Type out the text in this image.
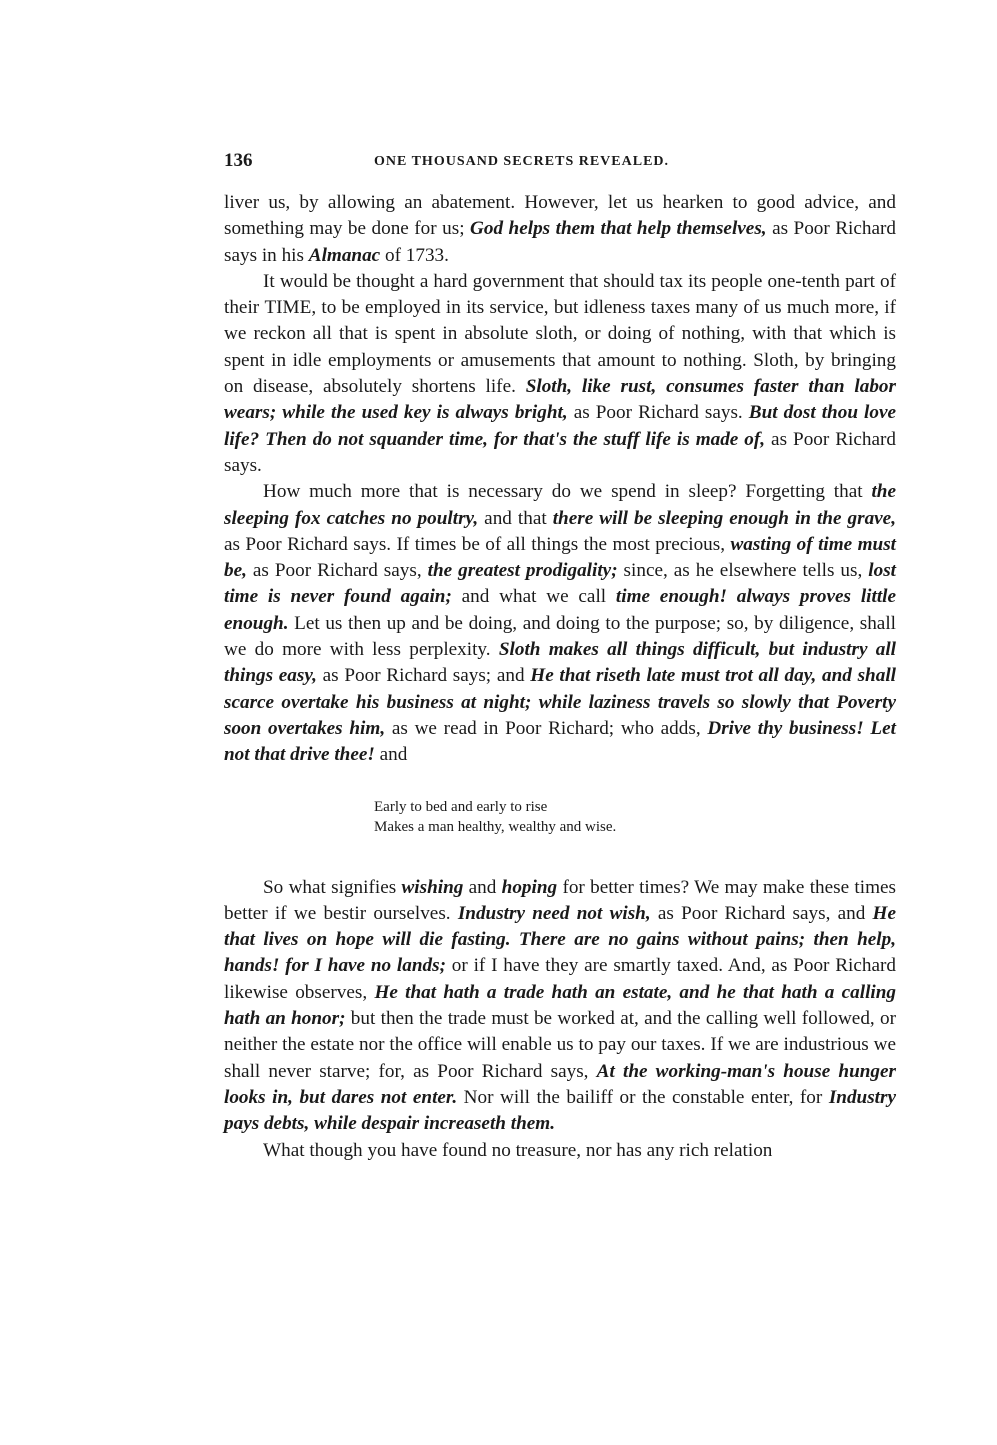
136	ONE THOUSAND SECRETS REVEALED.

liver us, by allowing an abatement. However, let us hearken to good advice, and something may be done for us; God helps them that help themselves, as Poor Richard says in his Almanac of 1733.

It would be thought a hard government that should tax its people one-tenth part of their TIME, to be employed in its service, but idleness taxes many of us much more, if we reckon all that is spent in absolute sloth, or doing of nothing, with that which is spent in idle employments or amusements that amount to nothing. Sloth, by bringing on disease, absolutely shortens life. Sloth, like rust, consumes faster than labor wears; while the used key is always bright, as Poor Richard says. But dost thou love life? Then do not squander time, for that's the stuff life is made of, as Poor Richard says.

How much more that is necessary do we spend in sleep? Forgetting that the sleeping fox catches no poultry, and that there will be sleeping enough in the grave, as Poor Richard says. If times be of all things the most precious, wasting of time must be, as Poor Richard says, the greatest prodigality; since, as he elsewhere tells us, lost time is never found again; and what we call time enough! always proves little enough. Let us then up and be doing, and doing to the purpose; so, by diligence, shall we do more with less perplexity. Sloth makes all things difficult, but industry all things easy, as Poor Richard says; and He that riseth late must trot all day, and shall scarce overtake his business at night; while laziness travels so slowly that Poverty soon overtakes him, as we read in Poor Richard; who adds, Drive thy business! Let not that drive thee! and

Early to bed and early to rise
Makes a man healthy, wealthy and wise.

So what signifies wishing and hoping for better times? We may make these times better if we bestir ourselves. Industry need not wish, as Poor Richard says, and He that lives on hope will die fasting. There are no gains without pains; then help, hands! for I have no lands; or if I have they are smartly taxed. And, as Poor Richard likewise observes, He that hath a trade hath an estate, and he that hath a calling hath an honor; but then the trade must be worked at, and the calling well followed, or neither the estate nor the office will enable us to pay our taxes. If we are industrious we shall never starve; for, as Poor Richard says, At the working-man's house hunger looks in, but dares not enter. Nor will the bailiff or the constable enter, for Industry pays debts, while despair increaseth them.

What though you have found no treasure, nor has any rich relation
